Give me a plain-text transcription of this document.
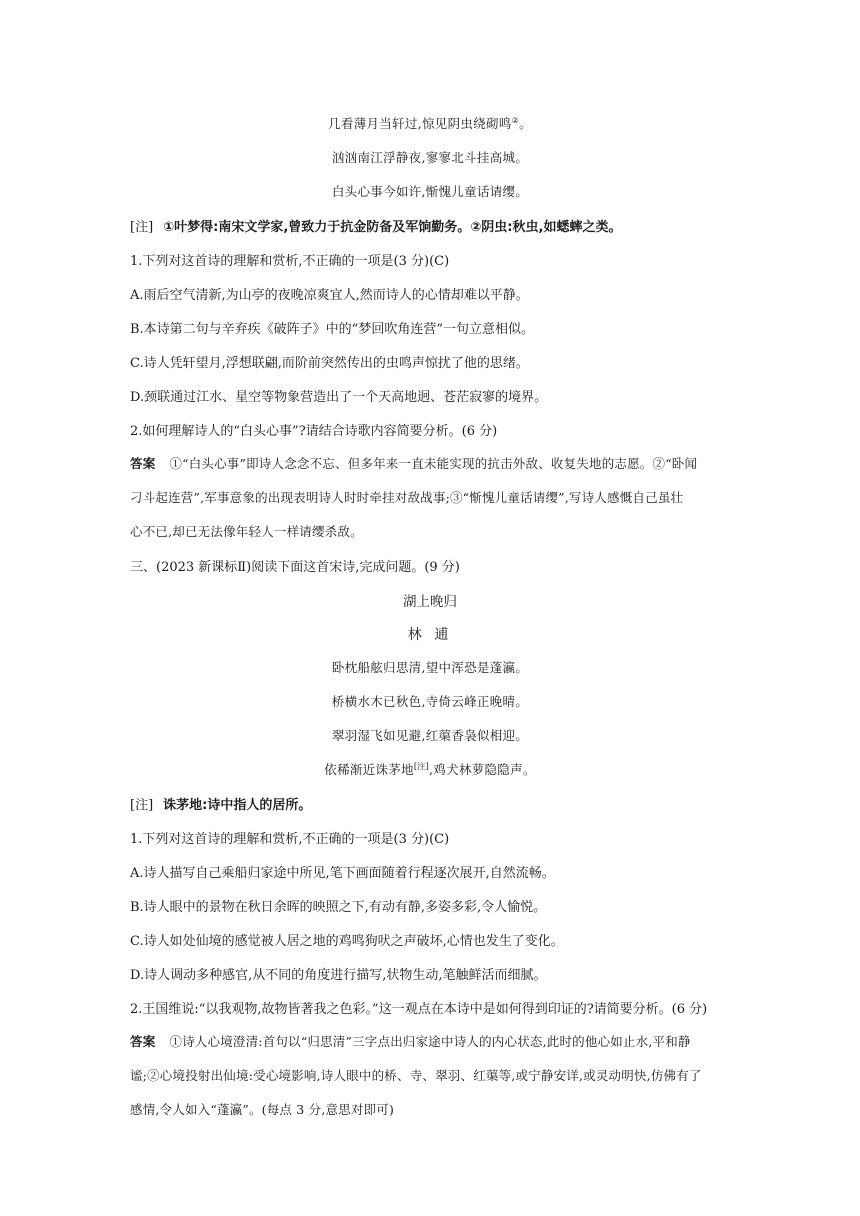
几看薄月当轩过,惊见阴虫绕砌鸣②。
汹汹南江浮静夜,寥寥北斗挂高城。
白头心事今如许,惭愧儿童话请缨。
[注] ①叶梦得:南宋文学家,曾致力于抗金防备及军饷勤务。②阴虫:秋虫,如蟋蟀之类。
1.下列对这首诗的理解和赏析,不正确的一项是(3 分)(C)
A.雨后空气清新,为山亭的夜晚凉爽宜人,然而诗人的心情却难以平静。
B.本诗第二句与辛弃疾《破阵子》中的“梦回吹角连营”一句立意相似。
C.诗人凭轩望月,浮想联翩,而阶前突然传出的虫鸣声惊扰了他的思绪。
D.颈联通过江水、星空等物象营造出了一个天高地迥、苍茫寂寥的境界。
2.如何理解诗人的“白头心事”?请结合诗歌内容简要分析。(6 分)
答案 ①“白头心事”即诗人念念不忘、但多年来一直未能实现的抗击外敌、收复失地的志愿。②“卧闻
刁斗起连营”,军事意象的出现表明诗人时时牵挂对敌战事;③“惭愧儿童话请缨”,写诗人感慨自己虽壮
心不已,却已无法像年轻人一样请缨杀敌。
三、(2023 新课标Ⅱ)阅读下面这首宋诗,完成问题。(9 分)
湖上晚归
林 逋
卧枕船舷归思清,望中浑恐是蓬瀛。
桥横水木已秋色,寺倚云峰正晚晴。
翠羽湿飞如见避,红蕖香袅似相迎。
依稀渐近诛茅地[注],鸡犬林萝隐隐声。
[注] 诛茅地:诗中指人的居所。
1.下列对这首诗的理解和赏析,不正确的一项是(3 分)(C)
A.诗人描写自己乘船归家途中所见,笔下画面随着行程逐次展开,自然流畅。
B.诗人眼中的景物在秋日余晖的映照之下,有动有静,多姿多彩,令人愉悦。
C.诗人如处仙境的感觉被人居之地的鸡鸣狗吠之声破坏,心情也发生了变化。
D.诗人调动多种感官,从不同的角度进行描写,状物生动,笔触鲜活而细腻。
2.王国维说:“以我观物,故物皆著我之色彩。”这一观点在本诗中是如何得到印证的?请简要分析。(6 分)
答案 ①诗人心境澄清:首句以“归思清”三字点出归家途中诗人的内心状态,此时的他心如止水,平和静
谧;②心境投射出仙境:受心境影响,诗人眼中的桥、寺、翠羽、红蕖等,或宁静安详,或灵动明快,仿佛有了
感情,令人如入“蓬瀛”。(每点 3 分,意思对即可)
